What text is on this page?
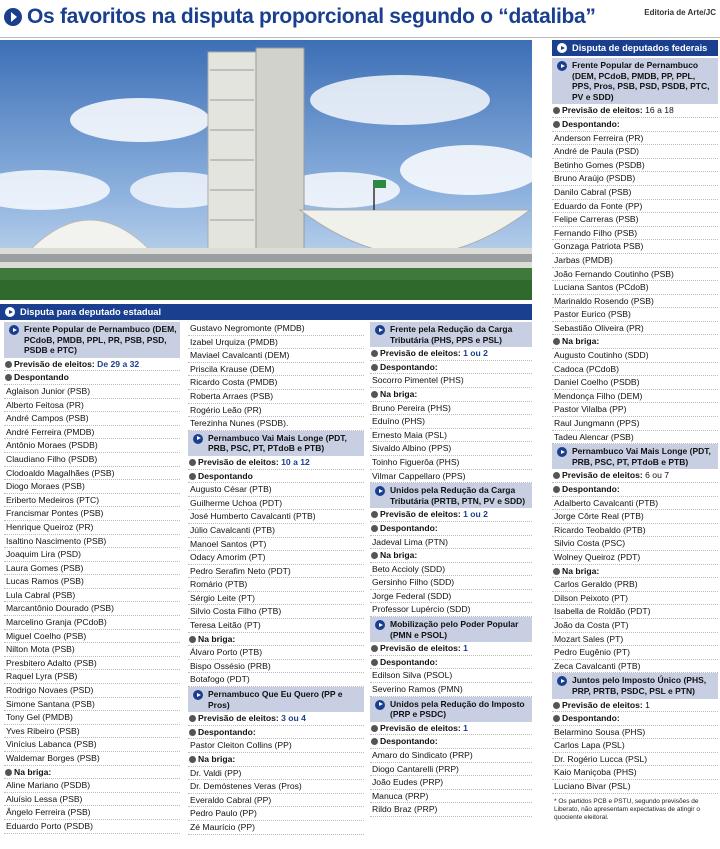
Os favoritos na disputa proporcional segundo o “dataliba”	Editoria de Arte/JC
Disputa para deputado estadual
Frente Popular de Pernambuco (DEM, PCdoB, PMDB, PPL, PR, PSB, PSD, PSDB e PTC)
Previsão de eleitos: De 29 a 32
Despontando
Aglaison Junior (PSB)
Alberto Feitosa (PR)
André Campos (PSB)
André Ferreira (PMDB)
Antônio Moraes (PSDB)
Claudiano Filho (PSDB)
Clodoaldo Magalhães (PSB)
Diogo Moraes (PSB)
Eriberto Medeiros (PTC)
Francismar Pontes (PSB)
Henrique Queiroz (PR)
Isaltino Nascimento (PSB)
Joaquim Lira (PSD)
Laura Gomes (PSB)
Lucas Ramos (PSB)
Lula Cabral (PSB)
Marcantônio Dourado (PSB)
Marcelino Granja (PCdoB)
Miguel Coelho (PSB)
Nilton Mota (PSB)
Presbitero Adalto (PSB)
Raquel Lyra (PSB)
Rodrigo Novaes (PSD)
Simone Santana (PSB)
Tony Gel (PMDB)
Yves Ribeiro (PSB)
Vinícius Labanca (PSB)
Waldemar Borges (PSB)
Na briga:
Aline Mariano (PSDB)
Aluísio Lessa (PSB)
Ângelo Ferreira (PSB)
Eduardo Porto (PSDB)
Gustavo Negromonte (PMDB)
Izabel Urquiza (PMDB)
Maviael Cavalcanti (DEM)
Priscila Krause (DEM)
Ricardo Costa (PMDB)
Roberta Arraes (PSB)
Rogério Leão (PR)
Terezinha Nunes (PSDB).
Pernambuco Vai Mais Longe (PDT, PRB, PSC, PT, PTdoB e PTB)
Previsão de eleitos: 10 a 12
Despontando
Augusto César (PTB)
Guilherme Uchoa (PDT)
José Humberto Cavalcanti (PTB)
Júlio Cavalcanti (PTB)
Manoel Santos (PT)
Odacy Amorim (PT)
Pedro Serafim Neto (PDT)
Romário (PTB)
Sérgio Leite (PT)
Silvio Costa Filho (PTB)
Teresa Leitão (PT)
Na briga:
Álvaro Porto (PTB)
Bispo Ossésio (PRB)
Botafogo (PDT)
Pernambuco Que Eu Quero (PP e Pros)
Previsão de eleitos: 3 ou 4
Despontando:
Pastor Cleiton Collins (PP)
Na briga:
Dr. Valdi (PP)
Dr. Demóstenes Veras (Pros)
Everaldo Cabral (PP)
Pedro Paulo (PP)
Zé Maurício (PP)
Frente pela Redução da Carga Tributária (PHS, PPS e PSL)
Previsão de eleitos: 1 ou 2
Despontando:
Socorro Pimentel (PHS)
Na briga:
Bruno Pereira (PHS)
Eduíno (PHS)
Ernesto Maia (PSL)
Sivaldo Albino (PPS)
Toinho Figuerôa (PHS)
Vilmar Cappellaro (PPS)
Unidos pela Redução da Carga Tributária (PRTB, PTN, PV e SDD)
Previsão de eleitos: 1 ou 2
Despontando:
Jadeval Lima (PTN)
Na briga:
Beto Accioly (SDD)
Gersinho Filho (SDD)
Jorge Federal (SDD)
Professor Lupércio (SDD)
Mobilização pelo Poder Popular (PMN e PSOL)
Previsão de eleitos: 1
Despontando:
Edilson Silva (PSOL)
Severino Ramos (PMN)
Unidos pela Redução do Imposto (PRP e PSDC)
Previsão de eleitos: 1
Despontando:
Amaro do Sindicato (PRP)
Diogo Cantarelli (PRP)
João Eudes (PRP)
Manuca (PRP)
Rildo Braz (PRP)
Disputa de deputados federais
Frente Popular de Pernambuco (DEM, PCdoB, PMDB, PP, PPL, PPS, Pros, PSB, PSD, PSDB, PTC, PV e SDD)
Previsão de eleitos: 16 a 18
Despontando:
Anderson Ferreira (PR)
André de Paula (PSD)
Betinho Gomes (PSDB)
Bruno Araújo (PSDB)
Danilo Cabral (PSB)
Eduardo da Fonte (PP)
Felipe Carreras (PSB)
Fernando Filho (PSB)
Gonzaga Patriota PSB)
Jarbas (PMDB)
João Fernando Coutinho (PSB)
Luciana Santos (PCdoB)
Marinaldo Rosendo (PSB)
Pastor Eurico (PSB)
Sebastião Oliveira (PR)
Na briga:
Augusto Coutinho (SDD)
Cadoca (PCdoB)
Daniel Coelho (PSDB)
Mendonça Filho (DEM)
Pastor Vilalba (PP)
Raul Jungmann (PPS)
Tadeu Alencar (PSB)
Pernambuco Vai Mais Longe (PDT, PRB, PSC, PT, PTdoB e PTB)
Previsão de eleitos: 6 ou 7
Despontando:
Adalberto Cavalcanti (PTB)
Jorge Côrte Real (PTB)
Ricardo Teobaldo (PTB)
Silvio Costa (PSC)
Wolney Queiroz (PDT)
Na briga:
Carlos Geraldo (PRB)
Dilson Peixoto (PT)
Isabella de Roldão (PDT)
João da Costa (PT)
Mozart Sales (PT)
Pedro Eugênio (PT)
Zeca Cavalcanti (PTB)
Juntos pelo Imposto Único (PHS, PRP, PRTB, PSDC, PSL e PTN)
Previsão de eleitos: 1
Despontando:
Belarmino Sousa (PHS)
Carlos Lapa (PSL)
Dr. Rogério Lucca (PSL)
Kaio Maniçoba (PHS)
Luciano Bivar (PSL)
* Os partidos PCB e PSTU, segundo previsões de Liberato, não apresentam expectativas de atingir o quociente eleitoral.
